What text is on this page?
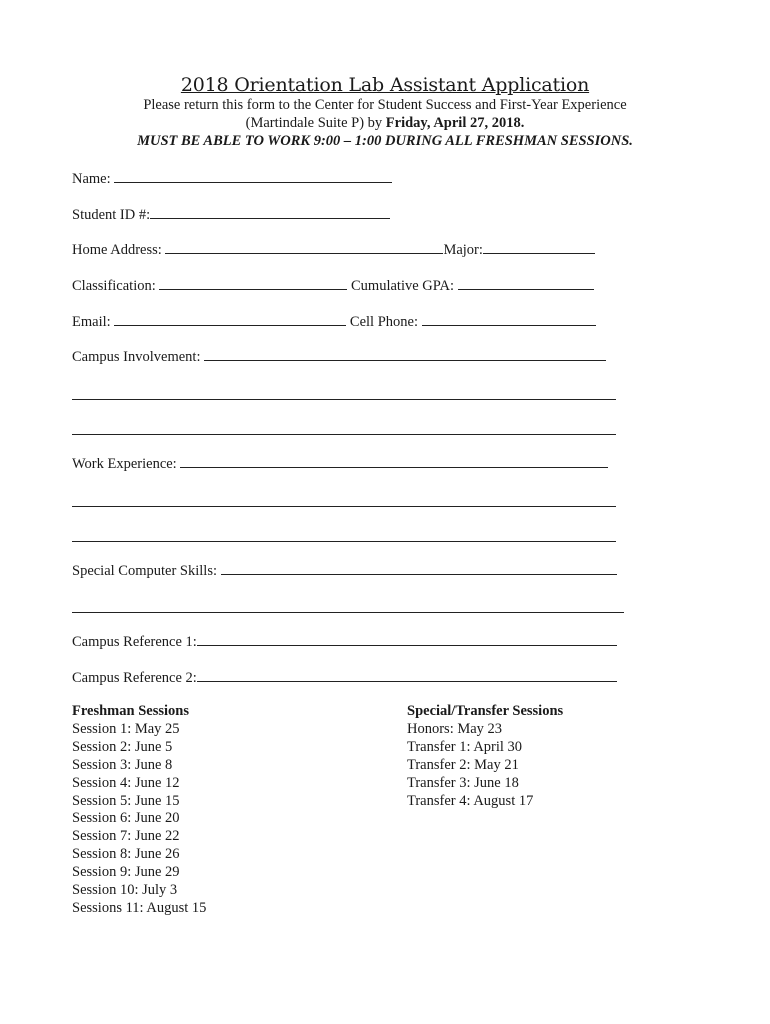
2018 Orientation Lab Assistant Application
Please return this form to the Center for Student Success and First-Year Experience
(Martindale Suite P) by Friday, April 27, 2018.
MUST BE ABLE TO WORK 9:00 – 1:00 DURING ALL FRESHMAN SESSIONS.
Name:
Student ID #:
Home Address:	Major:
Classification:	Cumulative GPA:
Email:	Cell Phone:
Campus Involvement:
Work Experience:
Special Computer Skills:
Campus Reference 1:
Campus Reference 2:
Freshman Sessions
Session 1: May 25
Session 2: June 5
Session 3: June 8
Session 4: June 12
Session 5: June 15
Session 6: June 20
Session 7: June 22
Session 8: June 26
Session 9: June 29
Session 10: July 3
Sessions 11: August 15
Special/Transfer Sessions
Honors: May 23
Transfer 1: April 30
Transfer 2: May 21
Transfer 3: June 18
Transfer 4: August 17
